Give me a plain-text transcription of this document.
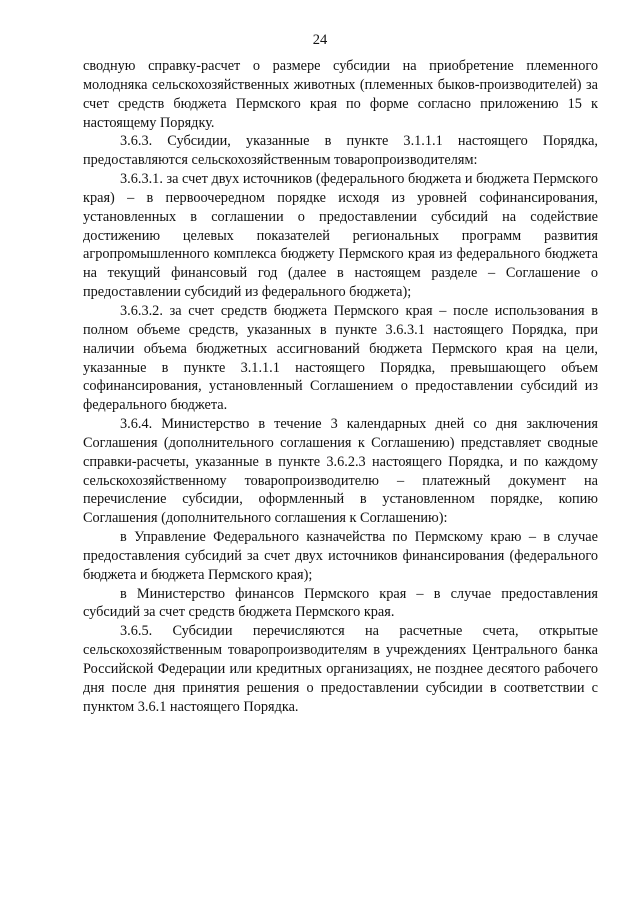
24

сводную справку-расчет о размере субсидии на приобретение племенного молодняка сельскохозяйственных животных (племенных быков-производителей) за счет средств бюджета Пермского края по форме согласно приложению 15 к настоящему Порядку.

3.6.3. Субсидии, указанные в пункте 3.1.1.1 настоящего Порядка, предоставляются сельскохозяйственным товаропроизводителям:

3.6.3.1. за счет двух источников (федерального бюджета и бюджета Пермского края) – в первоочередном порядке исходя из уровней софинансирования, установленных в соглашении о предоставлении субсидий на содействие достижению целевых показателей региональных программ развития агропромышленного комплекса бюджету Пермского края из федерального бюджета на текущий финансовый год (далее в настоящем разделе – Соглашение о предоставлении субсидий из федерального бюджета);

3.6.3.2. за счет средств бюджета Пермского края – после использования в полном объеме средств, указанных в пункте 3.6.3.1 настоящего Порядка, при наличии объема бюджетных ассигнований бюджета Пермского края на цели, указанные в пункте 3.1.1.1 настоящего Порядка, превышающего объем софинансирования, установленный Соглашением о предоставлении субсидий из федерального бюджета.

3.6.4. Министерство в течение 3 календарных дней со дня заключения Соглашения (дополнительного соглашения к Соглашению) представляет сводные справки-расчеты, указанные в пункте 3.6.2.3 настоящего Порядка, и по каждому сельскохозяйственному товаропроизводителю – платежный документ на перечисление субсидии, оформленный в установленном порядке, копию Соглашения (дополнительного соглашения к Соглашению):

в Управление Федерального казначейства по Пермскому краю – в случае предоставления субсидий за счет двух источников финансирования (федерального бюджета и бюджета Пермского края);

в Министерство финансов Пермского края – в случае предоставления субсидий за счет средств бюджета Пермского края.

3.6.5. Субсидии перечисляются на расчетные счета, открытые сельскохозяйственным товаропроизводителям в учреждениях Центрального банка Российской Федерации или кредитных организациях, не позднее десятого рабочего дня после дня принятия решения о предоставлении субсидии в соответствии с пунктом 3.6.1 настоящего Порядка.
